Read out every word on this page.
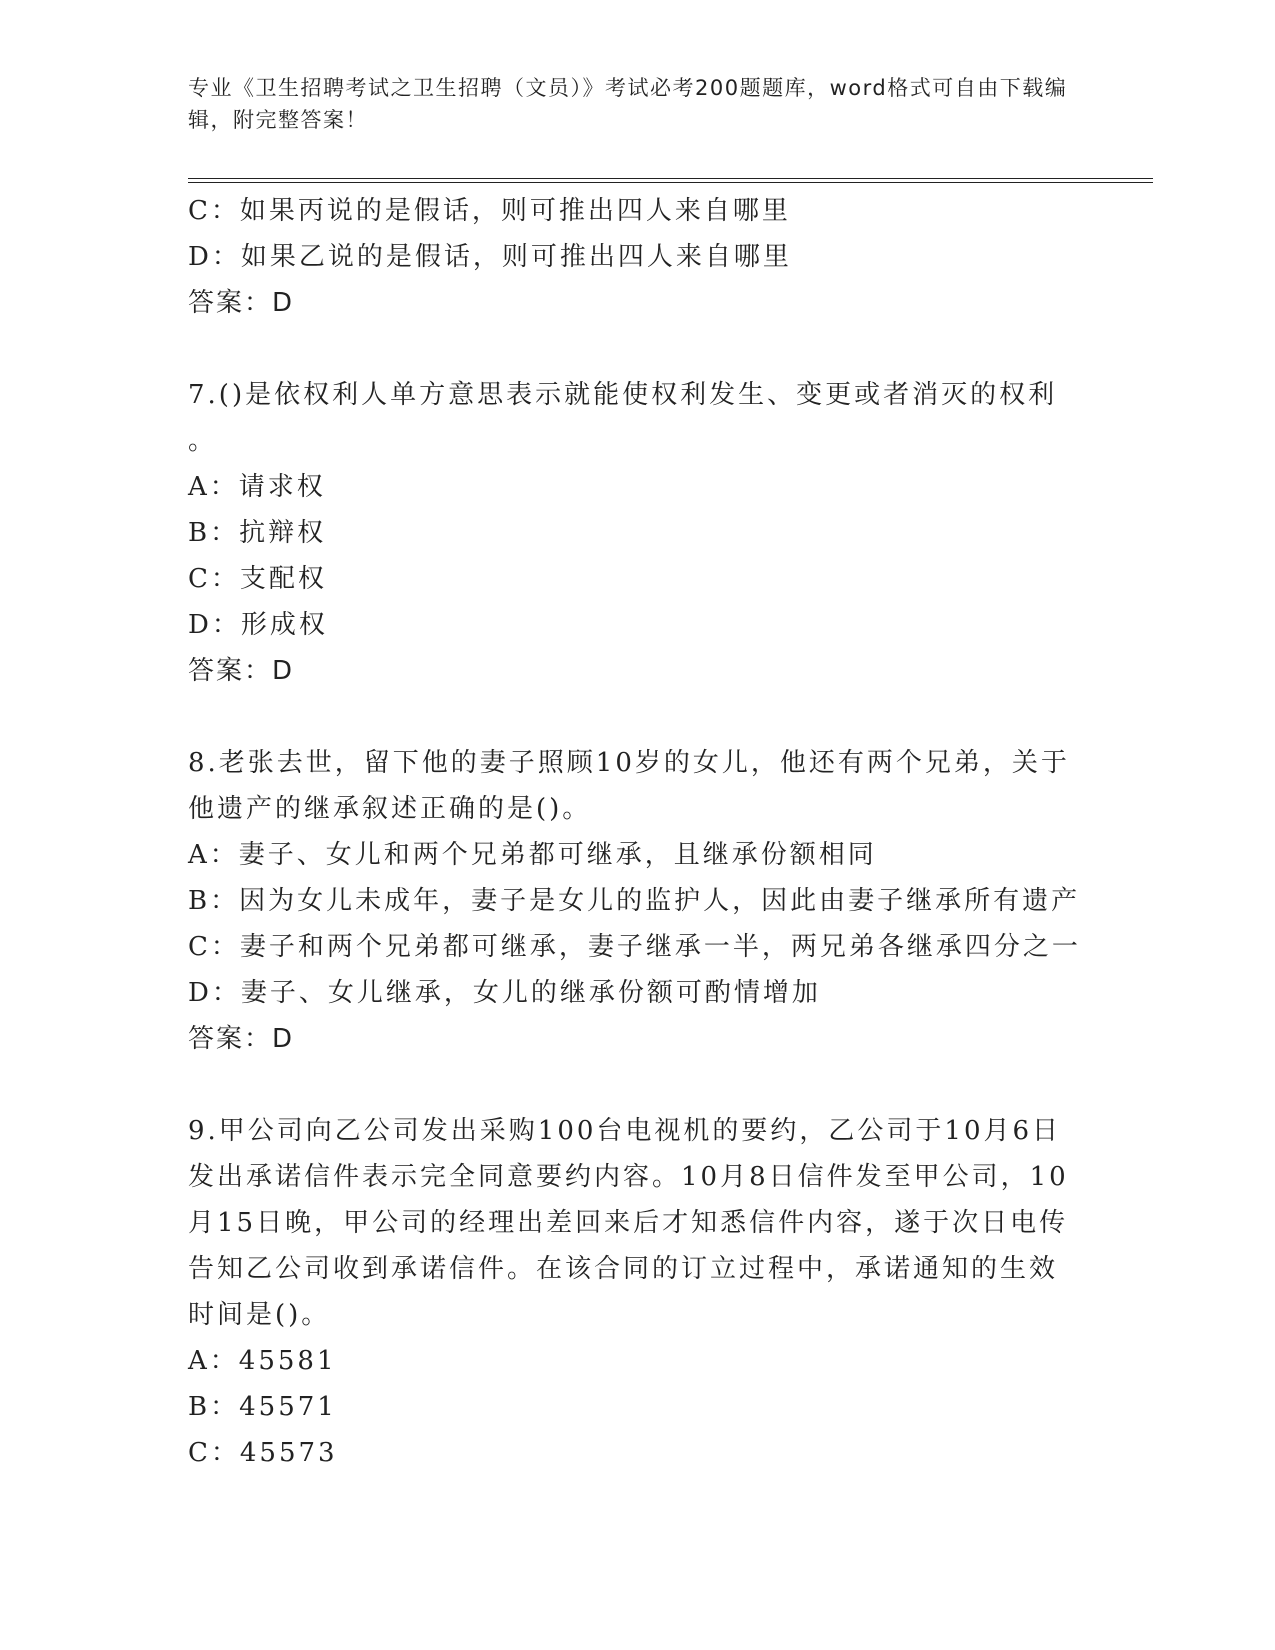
专业《卫生招聘考试之卫生招聘（文员）》考试必考200题题库，word格式可自由下载编辑，附完整答案！
C：如果丙说的是假话，则可推出四人来自哪里
D：如果乙说的是假话，则可推出四人来自哪里
答案：D
7.()是依权利人单方意思表示就能使权利发生、变更或者消灭的权利
。
A：请求权
B：抗辩权
C：支配权
D：形成权
答案：D
8.老张去世，留下他的妻子照顾10岁的女儿，他还有两个兄弟，关于
他遗产的继承叙述正确的是()。
A：妻子、女儿和两个兄弟都可继承，且继承份额相同
B：因为女儿未成年，妻子是女儿的监护人，因此由妻子继承所有遗产
C：妻子和两个兄弟都可继承，妻子继承一半，两兄弟各继承四分之一
D：妻子、女儿继承，女儿的继承份额可酌情增加
答案：D
9.甲公司向乙公司发出采购100台电视机的要约，乙公司于10月6日
发出承诺信件表示完全同意要约内容。10月8日信件发至甲公司，10
月15日晚，甲公司的经理出差回来后才知悉信件内容，遂于次日电传
告知乙公司收到承诺信件。在该合同的订立过程中，承诺通知的生效
时间是()。
A：45581
B：45571
C：45573
